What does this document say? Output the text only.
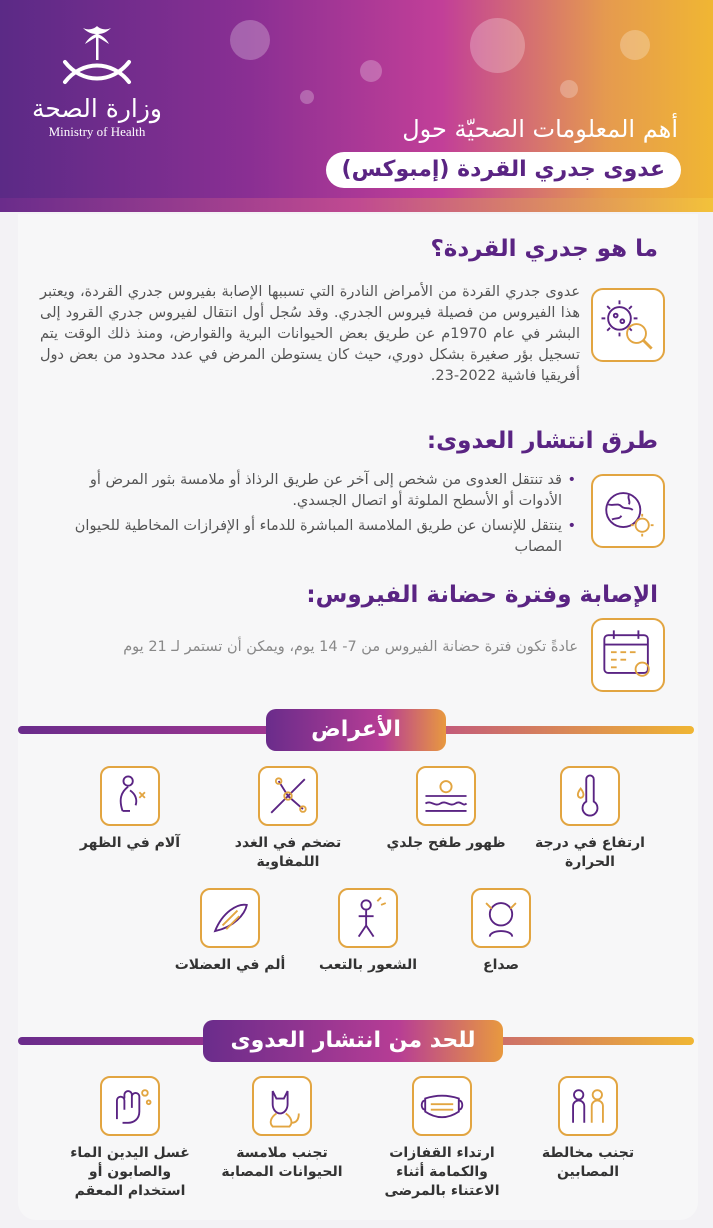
وزارة الصحة
Ministry of Health	أهم المعلومات الصحيّة حول
عدوى جدري القردة (إمبوكس)
ما هو جدري القردة؟
عدوى جدري القردة من الأمراض النادرة التي تسببها الإصابة بفيروس جدري القردة، ويعتبر هذا الفيروس من فصيلة فيروس الجدري. وقد سُجل أول انتقال لفيروس جدري القرود إلى البشر في عام 1970م عن طريق بعض الحيوانات البرية والقوارض، ومنذ ذلك الوقت يتم تسجيل بؤر صغيرة بشكل دوري، حيث كان يستوطن المرض في عدد محدود من بعض دول أفريقيا فاشية 2022-23.
طرق انتشار العدوى:
• قد تنتقل العدوى من شخص إلى آخر عن طريق الرذاذ أو ملامسة بثور المرض أو الأدوات أو الأسطح الملوثة أو اتصال الجسدي.
• ينتقل للإنسان عن طريق الملامسة المباشرة للدماء أو الإفرازات المخاطية للحيوان المصاب
الإصابة وفترة حضانة الفيروس:
عادةً تكون فترة حضانة الفيروس من 7- 14 يوم، ويمكن أن تستمر لـ 21 يوم
الأعراض
ارتفاع في درجة الحرارة
ظهور طفح جلدي
تضخم في الغدد اللمفاوية
آلام في الظهر
صداع
الشعور بالتعب
ألم في العضلات
للحد من انتشار العدوى
تجنب مخالطة المصابين
ارتداء القفازات والكمامة أثناء الاعتناء بالمرضى
تجنب ملامسة الحيوانات المصابة
غسل اليدين الماء والصابون أو استخدام المعقم
